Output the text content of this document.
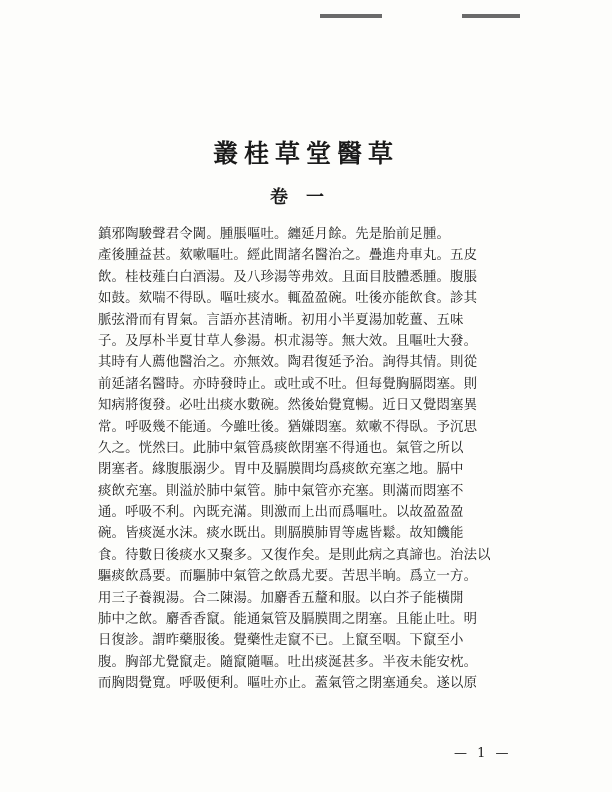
叢桂草堂醫草
卷一
鎮邪陶駿聲君令閫。腫脹嘔吐。纏延月餘。先是胎前足腫。
產後腫益甚。欬嗽嘔吐。經此間諸名醫治之。疊進舟車丸。五皮
飲。桂枝薤白白酒湯。及八珍湯等弗效。且面目肢體悉腫。腹脹
如鼓。欬喘不得臥。嘔吐痰水。輒盈盈碗。吐後亦能飲食。診其
脈弦滑而有胃氣。言語亦甚清晰。初用小半夏湯加乾薑、五味
子。及厚朴半夏甘草人參湯。枳朮湯等。無大效。且嘔吐大發。
其時有人薦他醫治之。亦無效。陶君復延予治。詢得其情。則從
前延諸名醫時。亦時發時止。或吐或不吐。但每覺胸膈悶塞。則
知病將復發。必吐出痰水數碗。然後始覺寬暢。近日又覺悶塞異
常。呼吸幾不能通。今雖吐後。猶嫌悶塞。欬嗽不得臥。予沉思
久之。恍然曰。此肺中氣管爲痰飲閉塞不得通也。氣管之所以
閉塞者。緣腹脹溺少。胃中及膈膜間均爲痰飲充塞之地。膈中
痰飲充塞。則溢於肺中氣管。肺中氣管亦充塞。則滿而悶塞不
通。呼吸不利。內既充滿。則激而上出而爲嘔吐。以故盈盈盈
碗。皆痰涎水沫。痰水既出。則膈膜肺胃等處皆鬆。故知饑能
食。待數日後痰水又聚多。又復作矣。是則此病之真諦也。治法以
驅痰飲爲要。而驅肺中氣管之飲爲尤要。苦思半晌。爲立一方。
用三子養親湯。合二陳湯。加麝香五釐和服。以白芥子能橫開
肺中之飲。麝香香竄。能通氣管及膈膜間之閉塞。且能止吐。明
日復診。謂昨藥服後。覺藥性走竄不已。上竄至咽。下竄至小
腹。胸部尤覺竄走。隨竄隨嘔。吐出痰涎甚多。半夜未能安枕。
而胸悶覺寬。呼吸便利。嘔吐亦止。蓋氣管之閉塞通矣。遂以原
— 1 —
